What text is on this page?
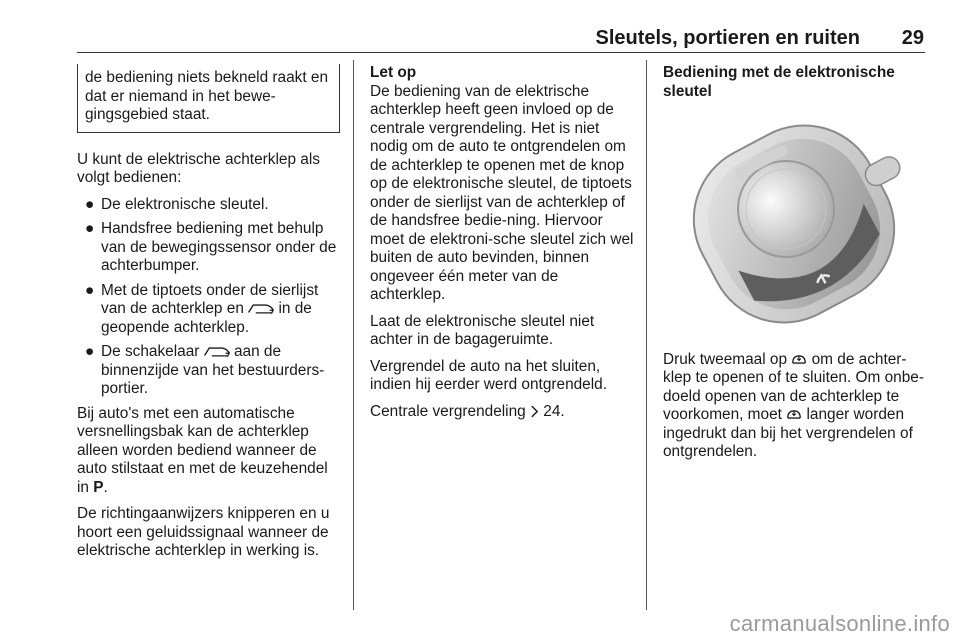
Sleutels, portieren en ruiten	29
de bediening niets bekneld raakt en dat er niemand in het bewe-gingsgebied staat.

U kunt de elektrische achterklep als volgt bedienen:

● De elektronische sleutel.
● Handsfree bediening met behulp van de bewegingssensor onder de achterbumper.
● Met de tiptoets onder de sierlijst van de achterklep en in de geopende achterklep.
● De schakelaar aan de binnenzijde van het bestuurders-portier.

Bij auto's met een automatische versnellingsbak kan de achterklep alleen worden bediend wanneer de auto stilstaat en met de keuzehendel in P.

De richtingaanwijzers knipperen en u hoort een geluidssignaal wanneer de elektrische achterklep in werking is.

Let op

De bediening van de elektrische achterklep heeft geen invloed op de centrale vergrendeling. Het is niet nodig om de auto te ontgrendelen om de achterklep te openen met de knop op de elektronische sleutel, de tiptoets onder de sierlijst van de achterklep of de handsfree bedie-ning. Hiervoor moet de elektroni-sche sleutel zich wel buiten de auto bevinden, binnen ongeveer één meter van de achterklep.

Laat de elektronische sleutel niet achter in de bagageruimte.

Vergrendel de auto na het sluiten, indien hij eerder werd ontgrendeld.

Centrale vergrendeling 24.

Bediening met de elektronische sleutel

Druk tweemaal op om de achter-klep te openen of te sluiten. Om onbe-doeld openen van de achterklep te voorkomen, moet langer worden ingedrukt dan bij het vergrendelen of ontgrendelen.

carmanualsonline.info
